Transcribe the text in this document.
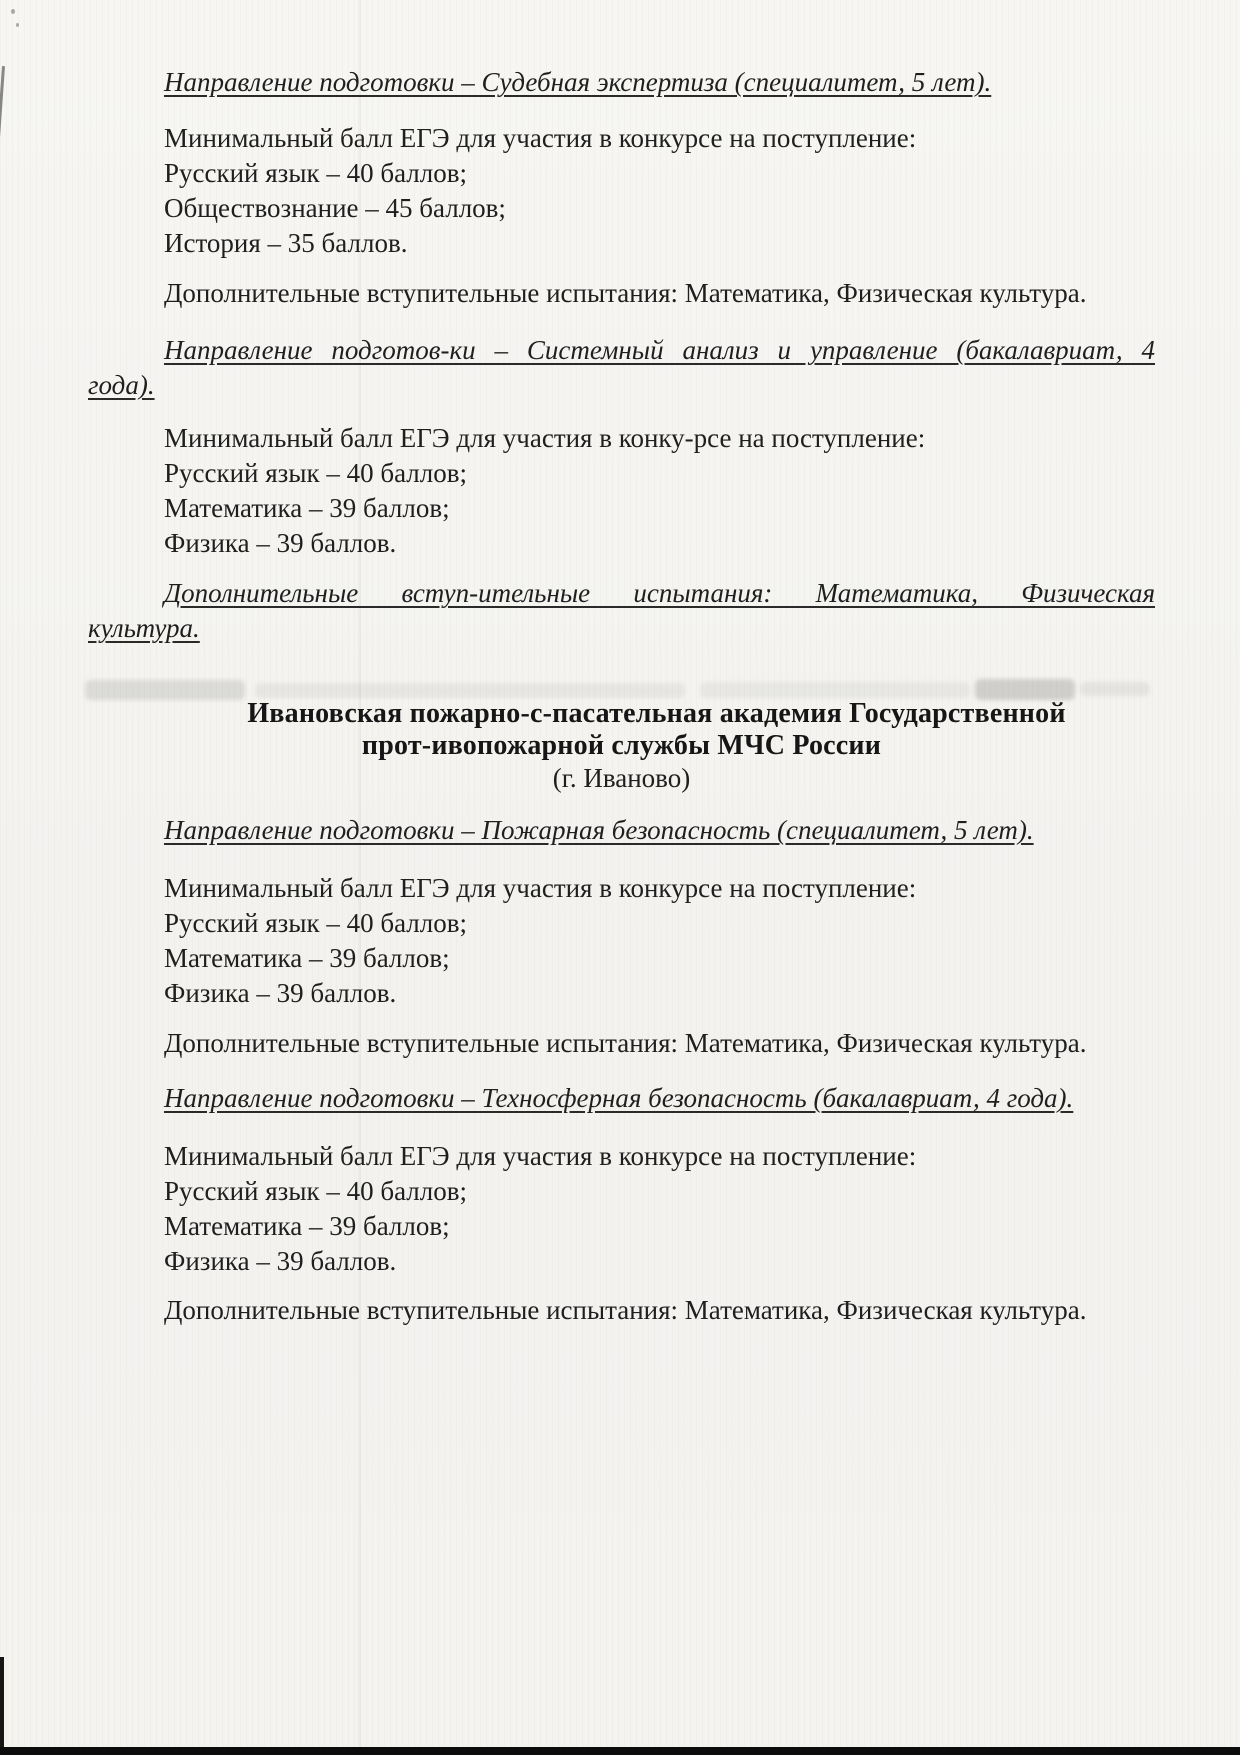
Направление подготовки – Судебная экспертиза (специалитет, 5 лет).
Минимальный балл ЕГЭ для участия в конкурсе на поступление:
Русский язык – 40 баллов;
Обществознание – 45 баллов;
История – 35 баллов.
Дополнительные вступительные испытания: Математика, Физическая культура.
Направление подготов-ки – Системный анализ и управление (бакалавриат, 4
года).
Минимальный балл ЕГЭ для участия в конку-рсе на поступление:
Русский язык – 40 баллов;
Математика – 39 баллов;
Физика – 39 баллов.
Дополнительные вступ-ительные испытания: Математика, Физическая
культура.
Ивановская пожарно-с-пасательная академия Государственной
прот-ивопожарной службы МЧС России
(г. Иваново)
Направление подготовки – Пожарная безопасность (специалитет, 5 лет).
Минимальный балл ЕГЭ для участия в конкурсе на поступление:
Русский язык – 40 баллов;
Математика – 39 баллов;
Физика – 39 баллов.
Дополнительные вступительные испытания: Математика, Физическая культура.
Направление подготовки – Техносферная безопасность (бакалавриат, 4 года).
Минимальный балл ЕГЭ для участия в конкурсе на поступление:
Русский язык – 40 баллов;
Математика – 39 баллов;
Физика – 39 баллов.
Дополнительные вступительные испытания: Математика, Физическая культура.
